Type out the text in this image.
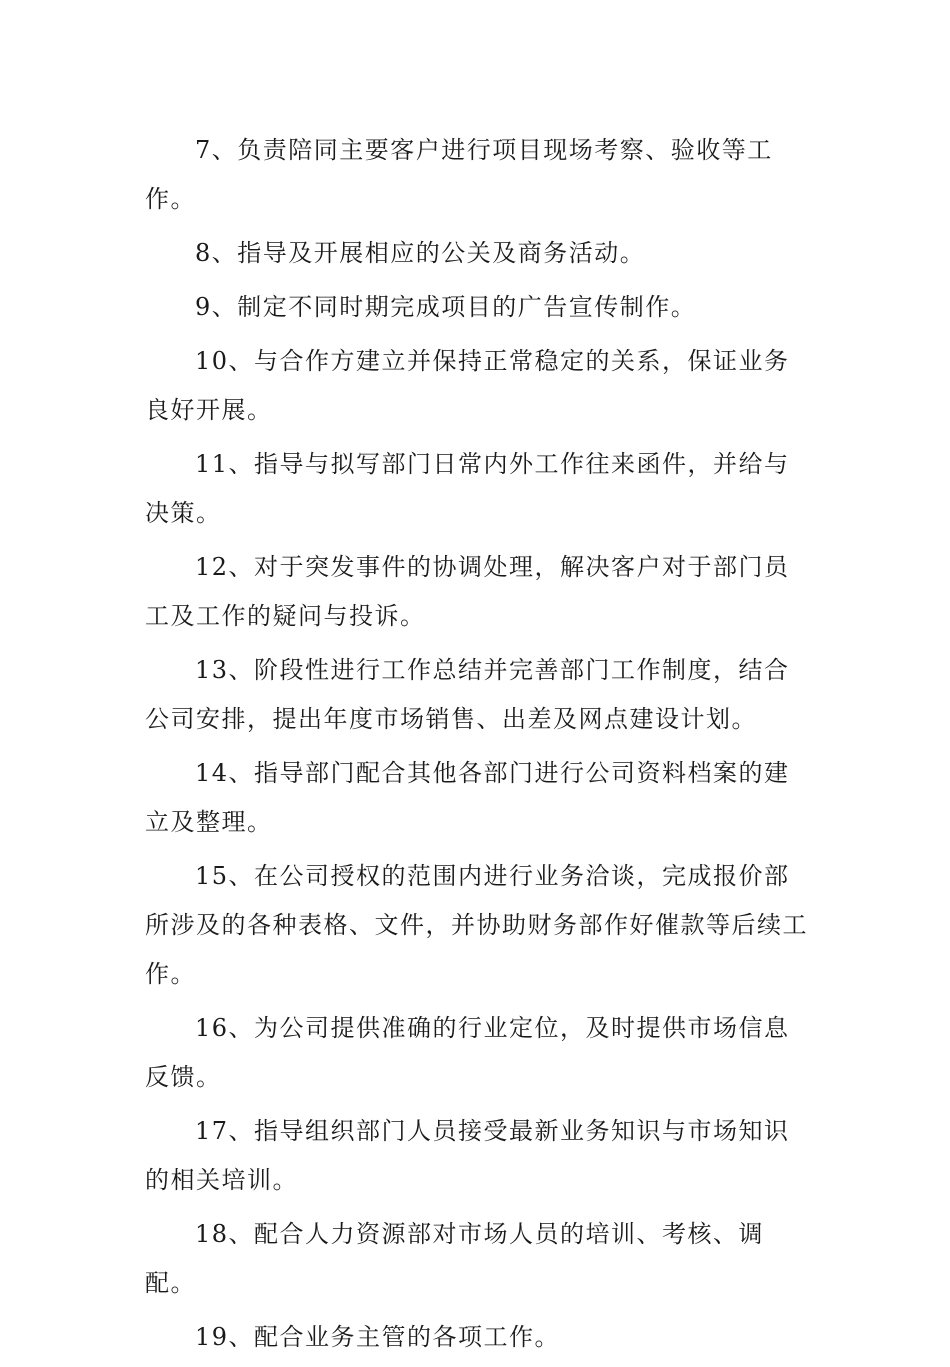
7、负责陪同主要客户进行项目现场考察、验收等工作。

8、指导及开展相应的公关及商务活动。

9、制定不同时期完成项目的广告宣传制作。

10、与合作方建立并保持正常稳定的关系，保证业务良好开展。

11、指导与拟写部门日常内外工作往来函件，并给与决策。

12、对于突发事件的协调处理，解决客户对于部门员工及工作的疑问与投诉。

13、阶段性进行工作总结并完善部门工作制度，结合公司安排，提出年度市场销售、出差及网点建设计划。

14、指导部门配合其他各部门进行公司资料档案的建立及整理。

15、在公司授权的范围内进行业务洽谈，完成报价部所涉及的各种表格、文件，并协助财务部作好催款等后续工作。

16、为公司提供准确的行业定位，及时提供市场信息反馈。

17、指导组织部门人员接受最新业务知识与市场知识的相关培训。

18、配合人力资源部对市场人员的培训、考核、调配。

19、配合业务主管的各项工作。
